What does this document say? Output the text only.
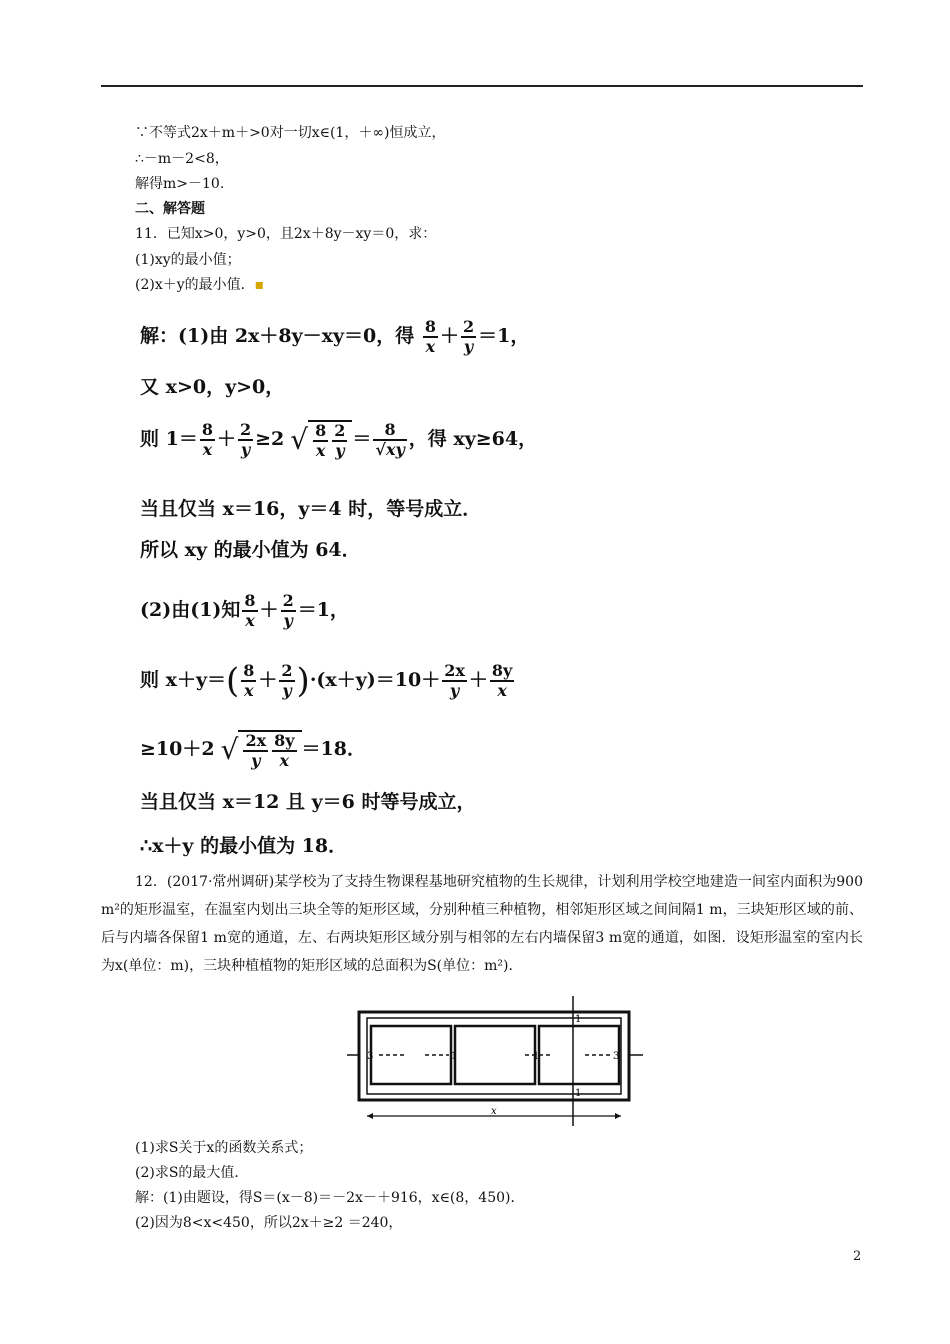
∵不等式2x＋m＋>0对一切x∈(1，＋∞)恒成立，
∴－m－2<8，
解得m>－10.
二、解答题
11．已知x>0，y>0，且2x＋8y－xy＝0，求：
(1)xy的最小值；
(2)x＋y的最小值．▪
解：(1)由 2x＋8y－xy＝0，得 $\frac{8}{x} + \frac{2}{y} =1$，
又 x>0，y>0，
则 $1= \frac{8}{x} + \frac{2}{y} \ge 2$ √ $\frac{8}{x} \frac{2}{y} = \frac{8}{√xy}$ ，得 xy≥64，
当且仅当 x＝16，y＝4 时，等号成立．
所以 xy 的最小值为 64．
(2)由(1)知 $\frac{8}{x} + \frac{2}{y} =1$，
则 $x+y=( \frac{8}{x} + \frac{2}{y} )\cdot(x+y)=10+ \frac{2x}{y} + \frac{8y}{x}$
≥10＋2 √ $\frac{2x}{y} \frac{8y}{x} =18$．
当且仅当 x＝12 且 y＝6 时等号成立，
∴x＋y 的最小值为 18．
12．(2017·常州调研)某学校为了支持生物课程基地研究植物的生长规律，计划利用学校空地建造一间室内面积为900 m²的矩形温室，在温室内划出三块全等的矩形区域，分别种植三种植物，相邻矩形区域之间间隔1 m，三块矩形区域的前、后与内墙各保留1 m宽的通道，左、右两块矩形区域分别与相邻的左右内墙保留3 m宽的通道，如图．设矩形温室的室内长为x(单位：m)，三块种植植物的矩形区域的总面积为S(单位：m²)．
3	3
1	1
1
1
x
(1)求S关于x的函数关系式；
(2)求S的最大值．
解：(1)由题设，得S＝(x－8)＝－2x－＋916，x∈(8，450)．
(2)因为8<x<450，所以2x＋≥2 ＝240，
2
